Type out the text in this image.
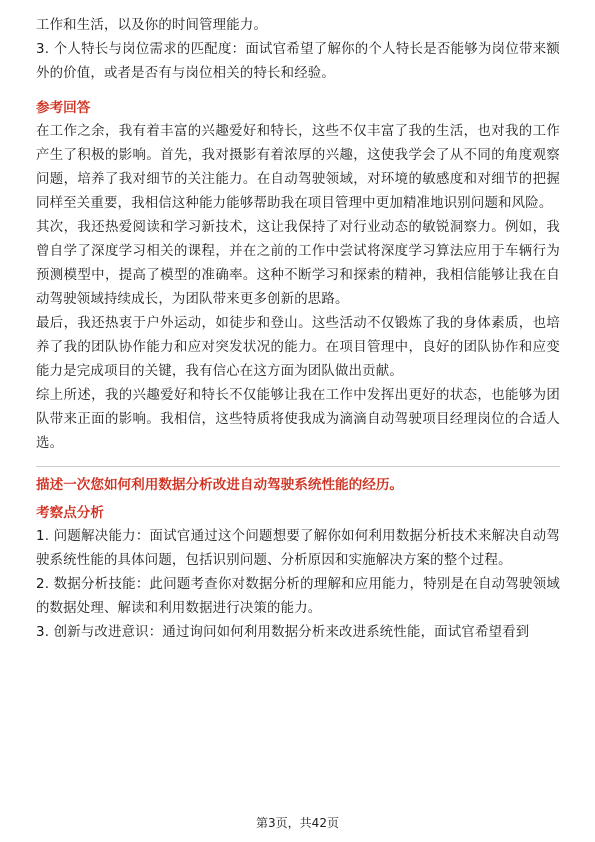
工作和生活，以及你的时间管理能力。

3. 个人特长与岗位需求的匹配度：面试官希望了解你的个人特长是否能够为岗位带来额外的价值，或者是否有与岗位相关的特长和经验。

参考回答

在工作之余，我有着丰富的兴趣爱好和特长，这些不仅丰富了我的生活，也对我的工作产生了积极的影响。首先，我对摄影有着浓厚的兴趣，这使我学会了从不同的角度观察问题，培养了我对细节的关注能力。在自动驾驶领域，对环境的敏感度和对细节的把握同样至关重要，我相信这种能力能够帮助我在项目管理中更加精准地识别问题和风险。

其次，我还热爱阅读和学习新技术，这让我保持了对行业动态的敏锐洞察力。例如，我曾自学了深度学习相关的课程，并在之前的工作中尝试将深度学习算法应用于车辆行为预测模型中，提高了模型的准确率。这种不断学习和探索的精神，我相信能够让我在自动驾驶领域持续成长，为团队带来更多创新的思路。

最后，我还热衷于户外运动，如徒步和登山。这些活动不仅锻炼了我的身体素质，也培养了我的团队协作能力和应对突发状况的能力。在项目管理中，良好的团队协作和应变能力是完成项目的关键，我有信心在这方面为团队做出贡献。

综上所述，我的兴趣爱好和特长不仅能够让我在工作中发挥出更好的状态，也能够为团队带来正面的影响。我相信，这些特质将使我成为滴滴自动驾驶项目经理岗位的合适人选。

描述一次您如何利用数据分析改进自动驾驶系统性能的经历。
考察点分析

1. 问题解决能力：面试官通过这个问题想要了解你如何利用数据分析技术来解决自动驾驶系统性能的具体问题，包括识别问题、分析原因和实施解决方案的整个过程。

2. 数据分析技能：此问题考查你对数据分析的理解和应用能力，特别是在自动驾驶领域的数据处理、解读和利用数据进行决策的能力。

3. 创新与改进意识：通过询问如何利用数据分析来改进系统性能，面试官希望看到

第3页，共42页
